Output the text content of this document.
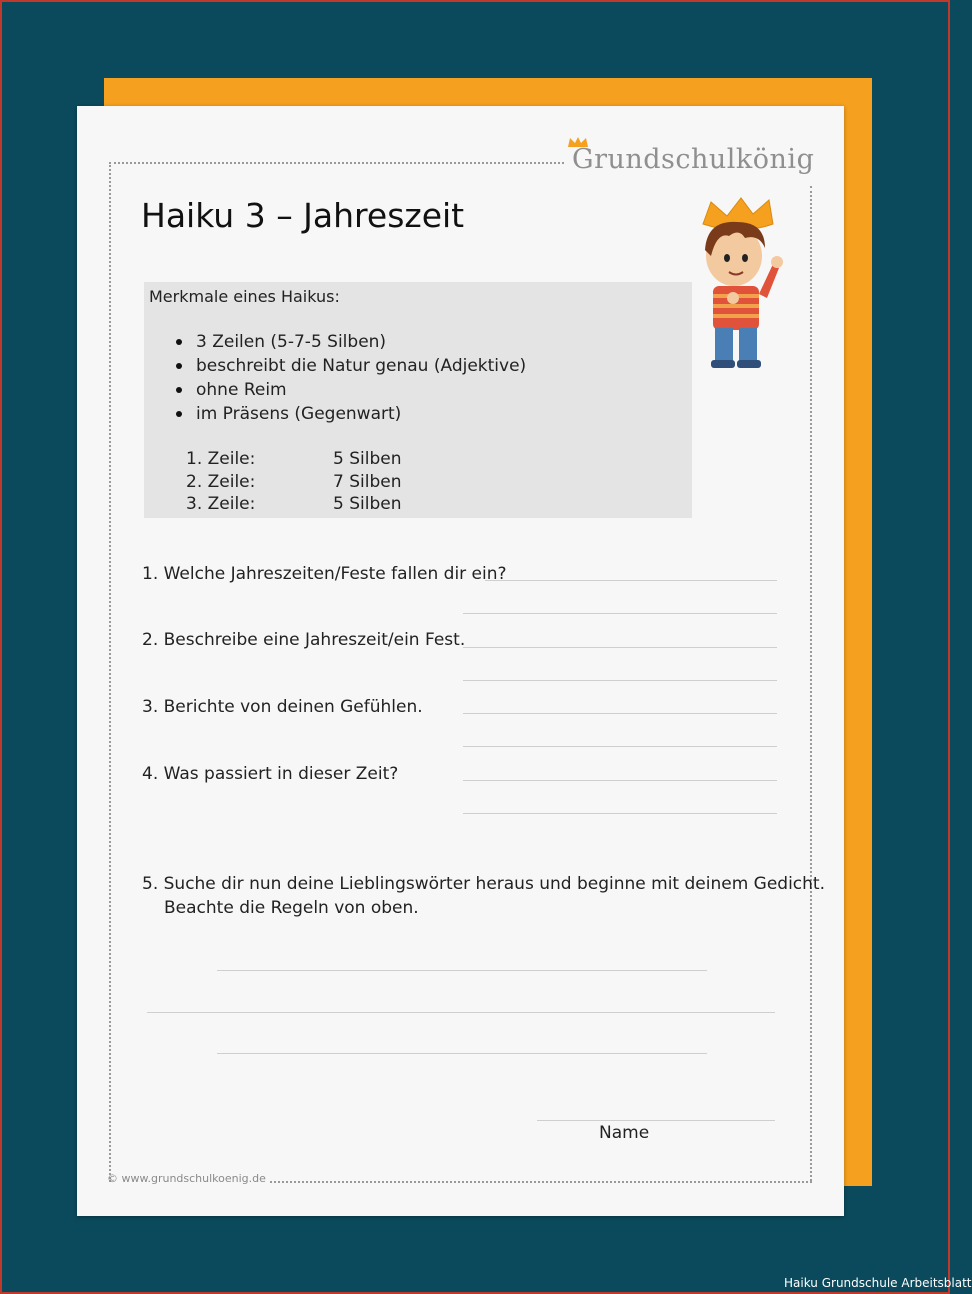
Grundschulkönig
Haiku 3 – Jahreszeit
Merkmale eines Haikus:
3 Zeilen (5-7-5 Silben)
beschreibt die Natur genau (Adjektive)
ohne Reim
im Präsens (Gegenwart)
1. Zeile:	5 Silben
2. Zeile:	7 Silben
3. Zeile:	5 Silben
1. Welche Jahreszeiten/Feste fallen dir ein?
2. Beschreibe eine Jahreszeit/ein Fest.
3. Berichte von deinen Gefühlen.
4. Was passiert in dieser Zeit?
5. Suche dir nun deine Lieblingswörter heraus und beginne mit deinem Gedicht.
Beachte die Regeln von oben.
Name
© www.grundschulkoenig.de
Haiku Grundschule Arbeitsblatt
